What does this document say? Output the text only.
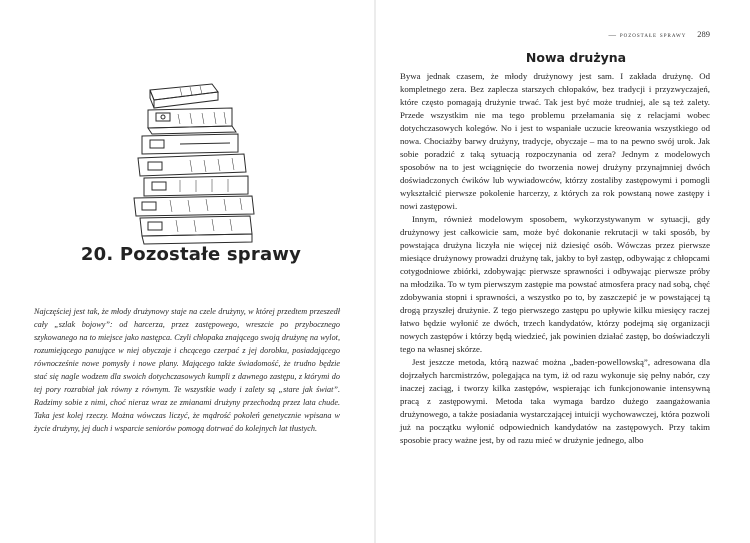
20. Pozostałe sprawy

Najczęściej jest tak, że młody drużynowy staje na czele drużyny, w której przedtem przeszedł cały „szlak bojowy”: od harcerza, przez zastępowego, wreszcie po przybocznego szykowanego na to miejsce jako następca. Czyli chłopaka znającego swoją drużynę na wylot, rozumiejącego panujące w niej obyczaje i chcącego czerpać z jej dorobku, posiadającego równocześnie nowe pomysły i nowe plany. Mającego także świadomość, że trudno będzie stać się nagle wodzem dla swoich dotychczasowych kumpli z dawnego zastępu, z którymi do tej pory rozrabiał jak równy z równym. Te wszystkie wady i zalety są „stare jak świat”. Radzimy sobie z nimi, choć nieraz wraz ze zmianami drużyny przechodzą przez lata chude. Taka jest kolej rzeczy. Można wówczas liczyć, że mądrość pokoleń genetycznie wpisana w życie drużyny, jej duch i wsparcie seniorów pomogą dotrwać do kolejnych lat tłustych.

— pozostałe sprawy 289
Nowa drużyna

Bywa jednak czasem, że młody drużynowy jest sam. I zakłada drużynę. Od kompletnego zera. Bez zaplecza starszych chłopaków, bez tradycji i przyzwyczajeń, które często pomagają drużynie trwać. Tak jest być może trudniej, ale są też zalety. Przede wszystkim nie ma tego problemu przełamania się z relacjami wobec dotychczasowych kolegów. No i jest to wspaniałe uczucie kreowania wszystkiego od nowa. Chociażby barwy drużyny, tradycje, obyczaje – ma to na pewno swój urok. Jak sobie poradzić z taką sytuacją rozpoczynania od zera? Jednym z modelowych sposobów na to jest wciągnięcie do tworzenia nowej drużyny przynajmniej dwóch doświadczonych ćwików lub wywiadowców, którzy zostaliby zastępowymi i pomogli wykształcić pierwsze pokolenie harcerzy, z których za rok powstaną nowe zastępy i nowi zastępowi.

Innym, również modelowym sposobem, wykorzystywanym w sytuacji, gdy drużynowy jest całkowicie sam, może być dokonanie rekrutacji w taki sposób, by powstająca drużyna liczyła nie więcej niż dziesięć osób. Wówczas przez pierwsze miesiące drużynowy prowadzi drużynę tak, jakby to był zastęp, odbywając z chłopcami cotygodniowe zbiórki, zdobywając pierwsze sprawności i odbywając pierwsze próby na młodzika. To w tym pierwszym zastępie ma powstać atmosfera pracy nad sobą, chęć zdobywania stopni i sprawności, a wszystko po to, by zaszczepić je w powstającej tą drogą przyszłej drużynie. Z tego pierwszego zastępu po upływie kilku miesięcy raczej łatwo będzie wyłonić ze dwóch, trzech kandydatów, którzy podejmą się organizacji nowych zastępów i którzy będą wiedzieć, jak powinien działać zastęp, bo doświadczyli tego na własnej skórze.

Jest jeszcze metoda, którą nazwać można „baden-powellowską”, adresowana dla dojrzałych harcmistrzów, polegająca na tym, iż od razu wykonuje się pełny nabór, czy inaczej zaciąg, i tworzy kilka zastępów, wspierając ich funkcjonowanie intensywną pracą z zastępowymi. Metoda taka wymaga bardzo dużego zaangażowania drużynowego, a także posiadania wystarczającej intuicji wychowawczej, która pozwoli już na początku wyłonić odpowiednich kandydatów na zastępowych. Przy takim sposobie pracy ważne jest, by od razu mieć w drużynie jednego, albo
